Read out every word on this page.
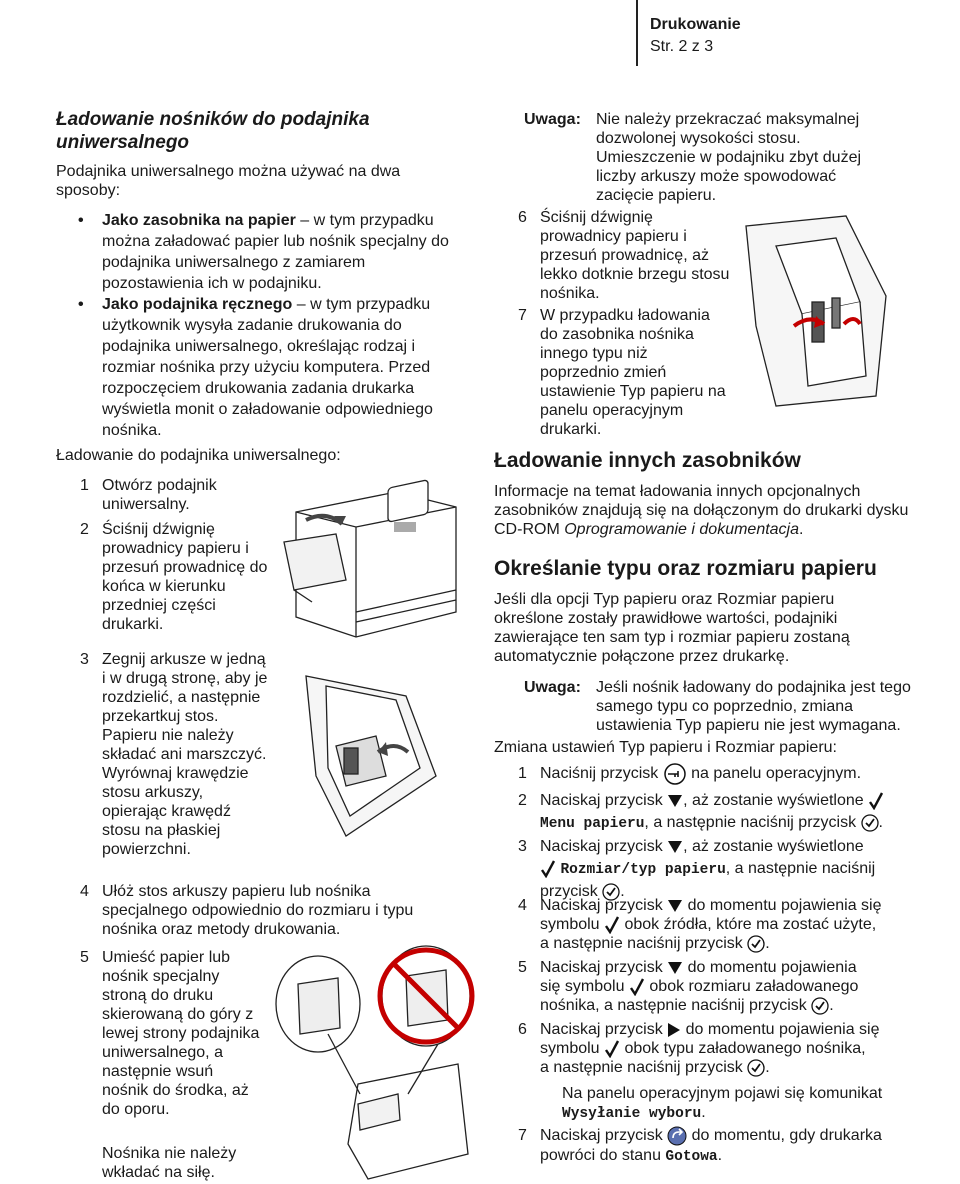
Drukowanie
Str. 2 z 3
Ładowanie nośników do podajnika uniwersalnego
Podajnika uniwersalnego można używać na dwa sposoby:
• Jako zasobnika na papier – w tym przypadku można załadować papier lub nośnik specjalny do podajnika uniwersalnego z zamiarem pozostawienia ich w podajniku.
• Jako podajnika ręcznego – w tym przypadku użytkownik wysyła zadanie drukowania do podajnika uniwersalnego, określając rodzaj i rozmiar nośnika przy użyciu komputera. Przed rozpoczęciem drukowania zadania drukarka wyświetla monit o załadowanie odpowiedniego nośnika.
Ładowanie do podajnika uniwersalnego:
1 Otwórz podajnik uniwersalny.
2 Ściśnij dźwignię prowadnicy papieru i przesuń prowadnicę do końca w kierunku przedniej części drukarki.
3 Zegnij arkusze w jedną i w drugą stronę, aby je rozdzielić, a następnie przekartkuj stos. Papieru nie należy składać ani marszczyć. Wyrównaj krawędzie stosu arkuszy, opierając krawędź stosu na płaskiej powierzchni.
4 Ułóż stos arkuszy papieru lub nośnika specjalnego odpowiednio do rozmiaru i typu nośnika oraz metody drukowania.
5 Umieść papier lub nośnik specjalny stroną do druku skierowaną do góry z lewej strony podajnika uniwersalnego, a następnie wsuń nośnik do środka, aż do oporu.
Nośnika nie należy wkładać na siłę.
Uwaga: Nie należy przekraczać maksymalnej dozwolonej wysokości stosu. Umieszczenie w podajniku zbyt dużej liczby arkuszy może spowodować zacięcie papieru.
6 Ściśnij dźwignię prowadnicy papieru i przesuń prowadnicę, aż lekko dotknie brzegu stosu nośnika.
7 W przypadku ładowania do zasobnika nośnika innego typu niż poprzednio zmień ustawienie Typ papieru na panelu operacyjnym drukarki.
Ładowanie innych zasobników
Informacje na temat ładowania innych opcjonalnych zasobników znajdują się na dołączonym do drukarki dysku CD-ROM Oprogramowanie i dokumentacja.
Określanie typu oraz rozmiaru papieru
Jeśli dla opcji Typ papieru oraz Rozmiar papieru określone zostały prawidłowe wartości, podajniki zawierające ten sam typ i rozmiar papieru zostaną automatycznie połączone przez drukarkę.
Uwaga: Jeśli nośnik ładowany do podajnika jest tego samego typu co poprzednio, zmiana ustawienia Typ papieru nie jest wymagana.
Zmiana ustawień Typ papieru i Rozmiar papieru:
1 Naciśnij przycisk na panelu operacyjnym.
2 Naciskaj przycisk , aż zostanie wyświetlone
Menu papieru, a następnie naciśnij przycisk .
3 Naciskaj przycisk , aż zostanie wyświetlone
Rozmiar/typ papieru, a następnie naciśnij
przycisk .
4 Naciskaj przycisk do momentu pojawienia się
symbolu obok źródła, które ma zostać użyte,
a następnie naciśnij przycisk .
5 Naciskaj przycisk do momentu pojawienia
się symbolu obok rozmiaru załadowanego
nośnika, a następnie naciśnij przycisk .
6 Naciskaj przycisk do momentu pojawienia się
symbolu obok typu załadowanego nośnika,
a następnie naciśnij przycisk .
Na panelu operacyjnym pojawi się komunikat
Wysyłanie wyboru.
7 Naciskaj przycisk do momentu, gdy drukarka
powróci do stanu Gotowa.
